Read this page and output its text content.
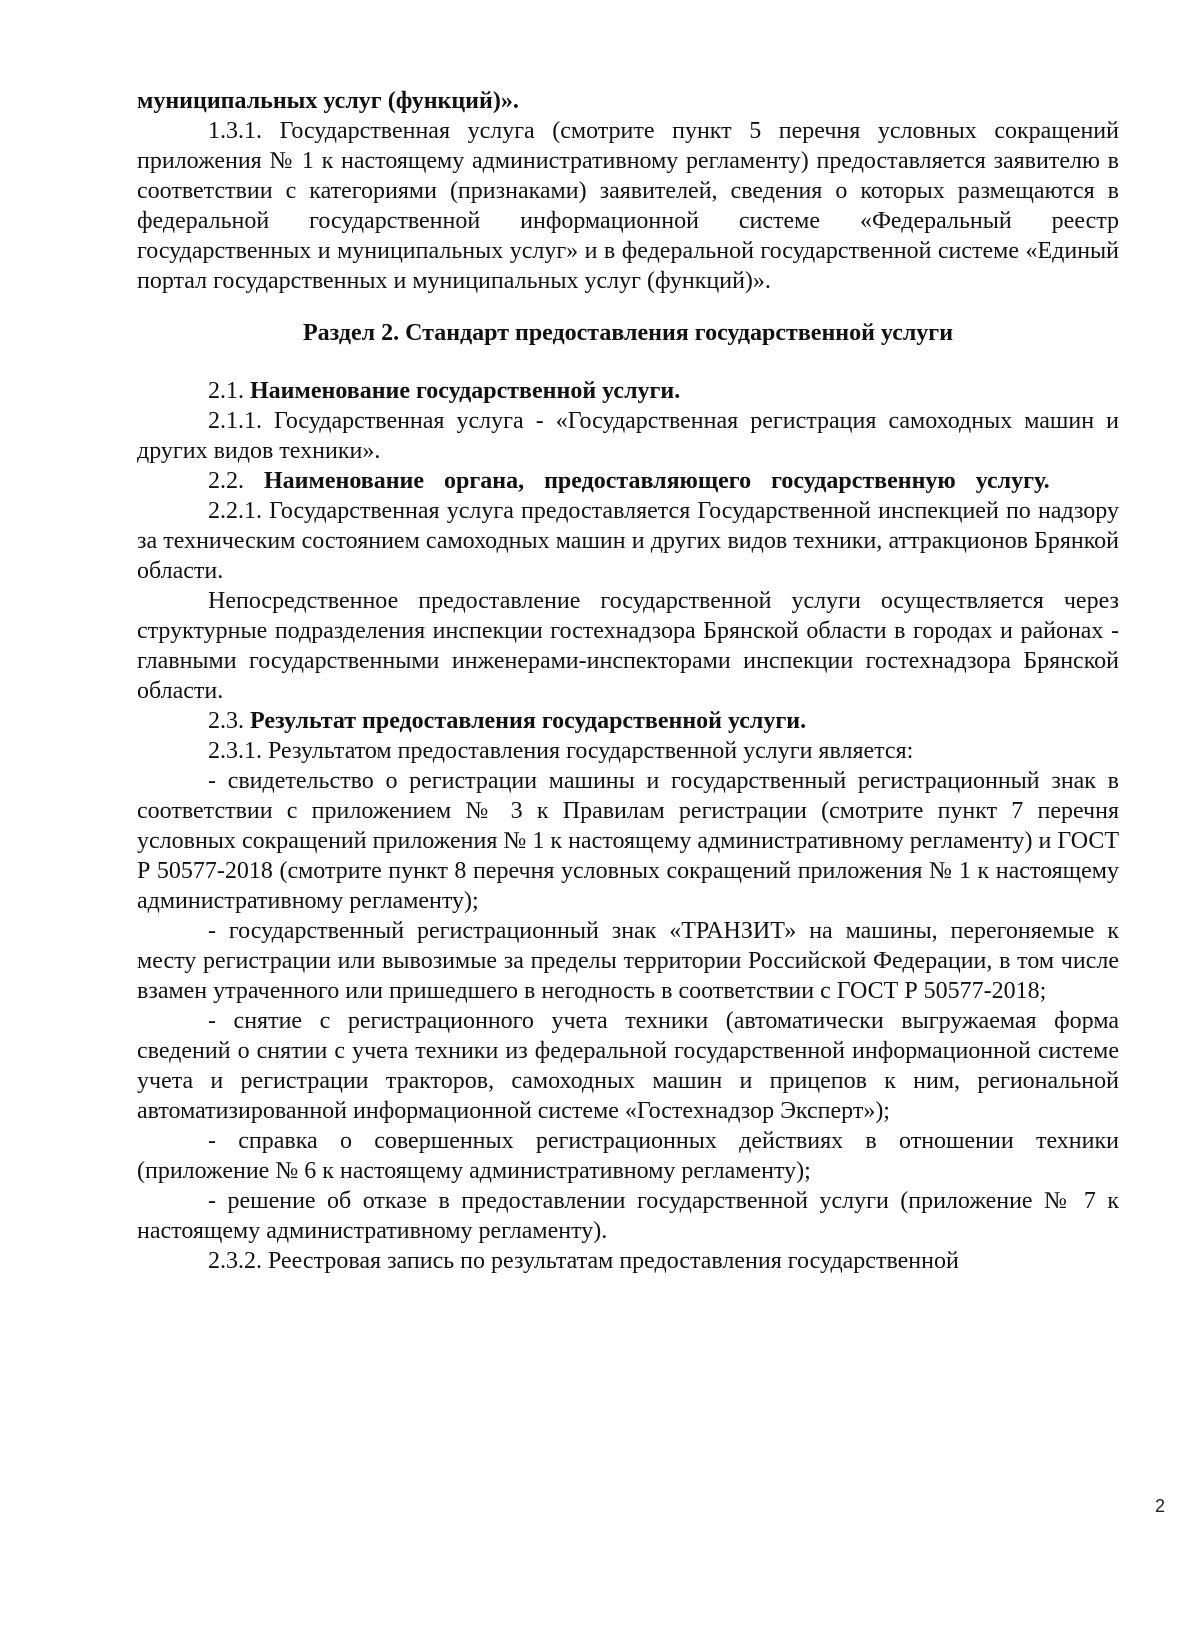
муниципальных услуг (функций)».

1.3.1. Государственная услуга (смотрите пункт 5 перечня условных сокращений приложения № 1 к настоящему административному регламенту) предоставляется заявителю в соответствии с категориями (признаками) заявителей, сведения о которых размещаются в федеральной государственной информационной системе «Федеральный реестр государственных и муниципальных услуг» и в федеральной государственной системе «Единый портал государственных и муниципальных услуг (функций)».

Раздел 2. Стандарт предоставления государственной услуги

2.1. Наименование государственной услуги.

2.1.1. Государственная услуга - «Государственная регистрация самоходных машин и других видов техники».

2.2. Наименование органа, предоставляющего государственную услугу.

2.2.1. Государственная услуга предоставляется Государственной инспекцией по надзору за техническим состоянием самоходных машин и других видов техники, аттракционов Брянкой области.

Непосредственное предоставление государственной услуги осуществляется через структурные подразделения инспекции гостехнадзора Брянской области в городах и районах - главными государственными инженерами-инспекторами инспекции гостехнадзора Брянской области.

2.3. Результат предоставления государственной услуги.

2.3.1. Результатом предоставления государственной услуги является:

- свидетельство о регистрации машины и государственный регистрационный знак в соответствии с приложением № 3 к Правилам регистрации (смотрите пункт 7 перечня условных сокращений приложения № 1 к настоящему административному регламенту) и ГОСТ Р 50577-2018 (смотрите пункт 8 перечня условных сокращений приложения № 1 к настоящему административному регламенту);

- государственный регистрационный знак «ТРАНЗИТ» на машины, перегоняемые к месту регистрации или вывозимые за пределы территории Российской Федерации, в том числе взамен утраченного или пришедшего в негодность в соответствии с ГОСТ Р 50577-2018;

- снятие с регистрационного учета техники (автоматически выгружаемая форма сведений о снятии с учета техники из федеральной государственной информационной системе учета и регистрации тракторов, самоходных машин и прицепов к ним, региональной автоматизированной информационной системе «Гостехнадзор Эксперт»);

- справка о совершенных регистрационных действиях в отношении техники (приложение № 6 к настоящему административному регламенту);

- решение об отказе в предоставлении государственной услуги (приложение № 7 к настоящему административному регламенту).

2.3.2. Реестровая запись по результатам предоставления государственной

2
